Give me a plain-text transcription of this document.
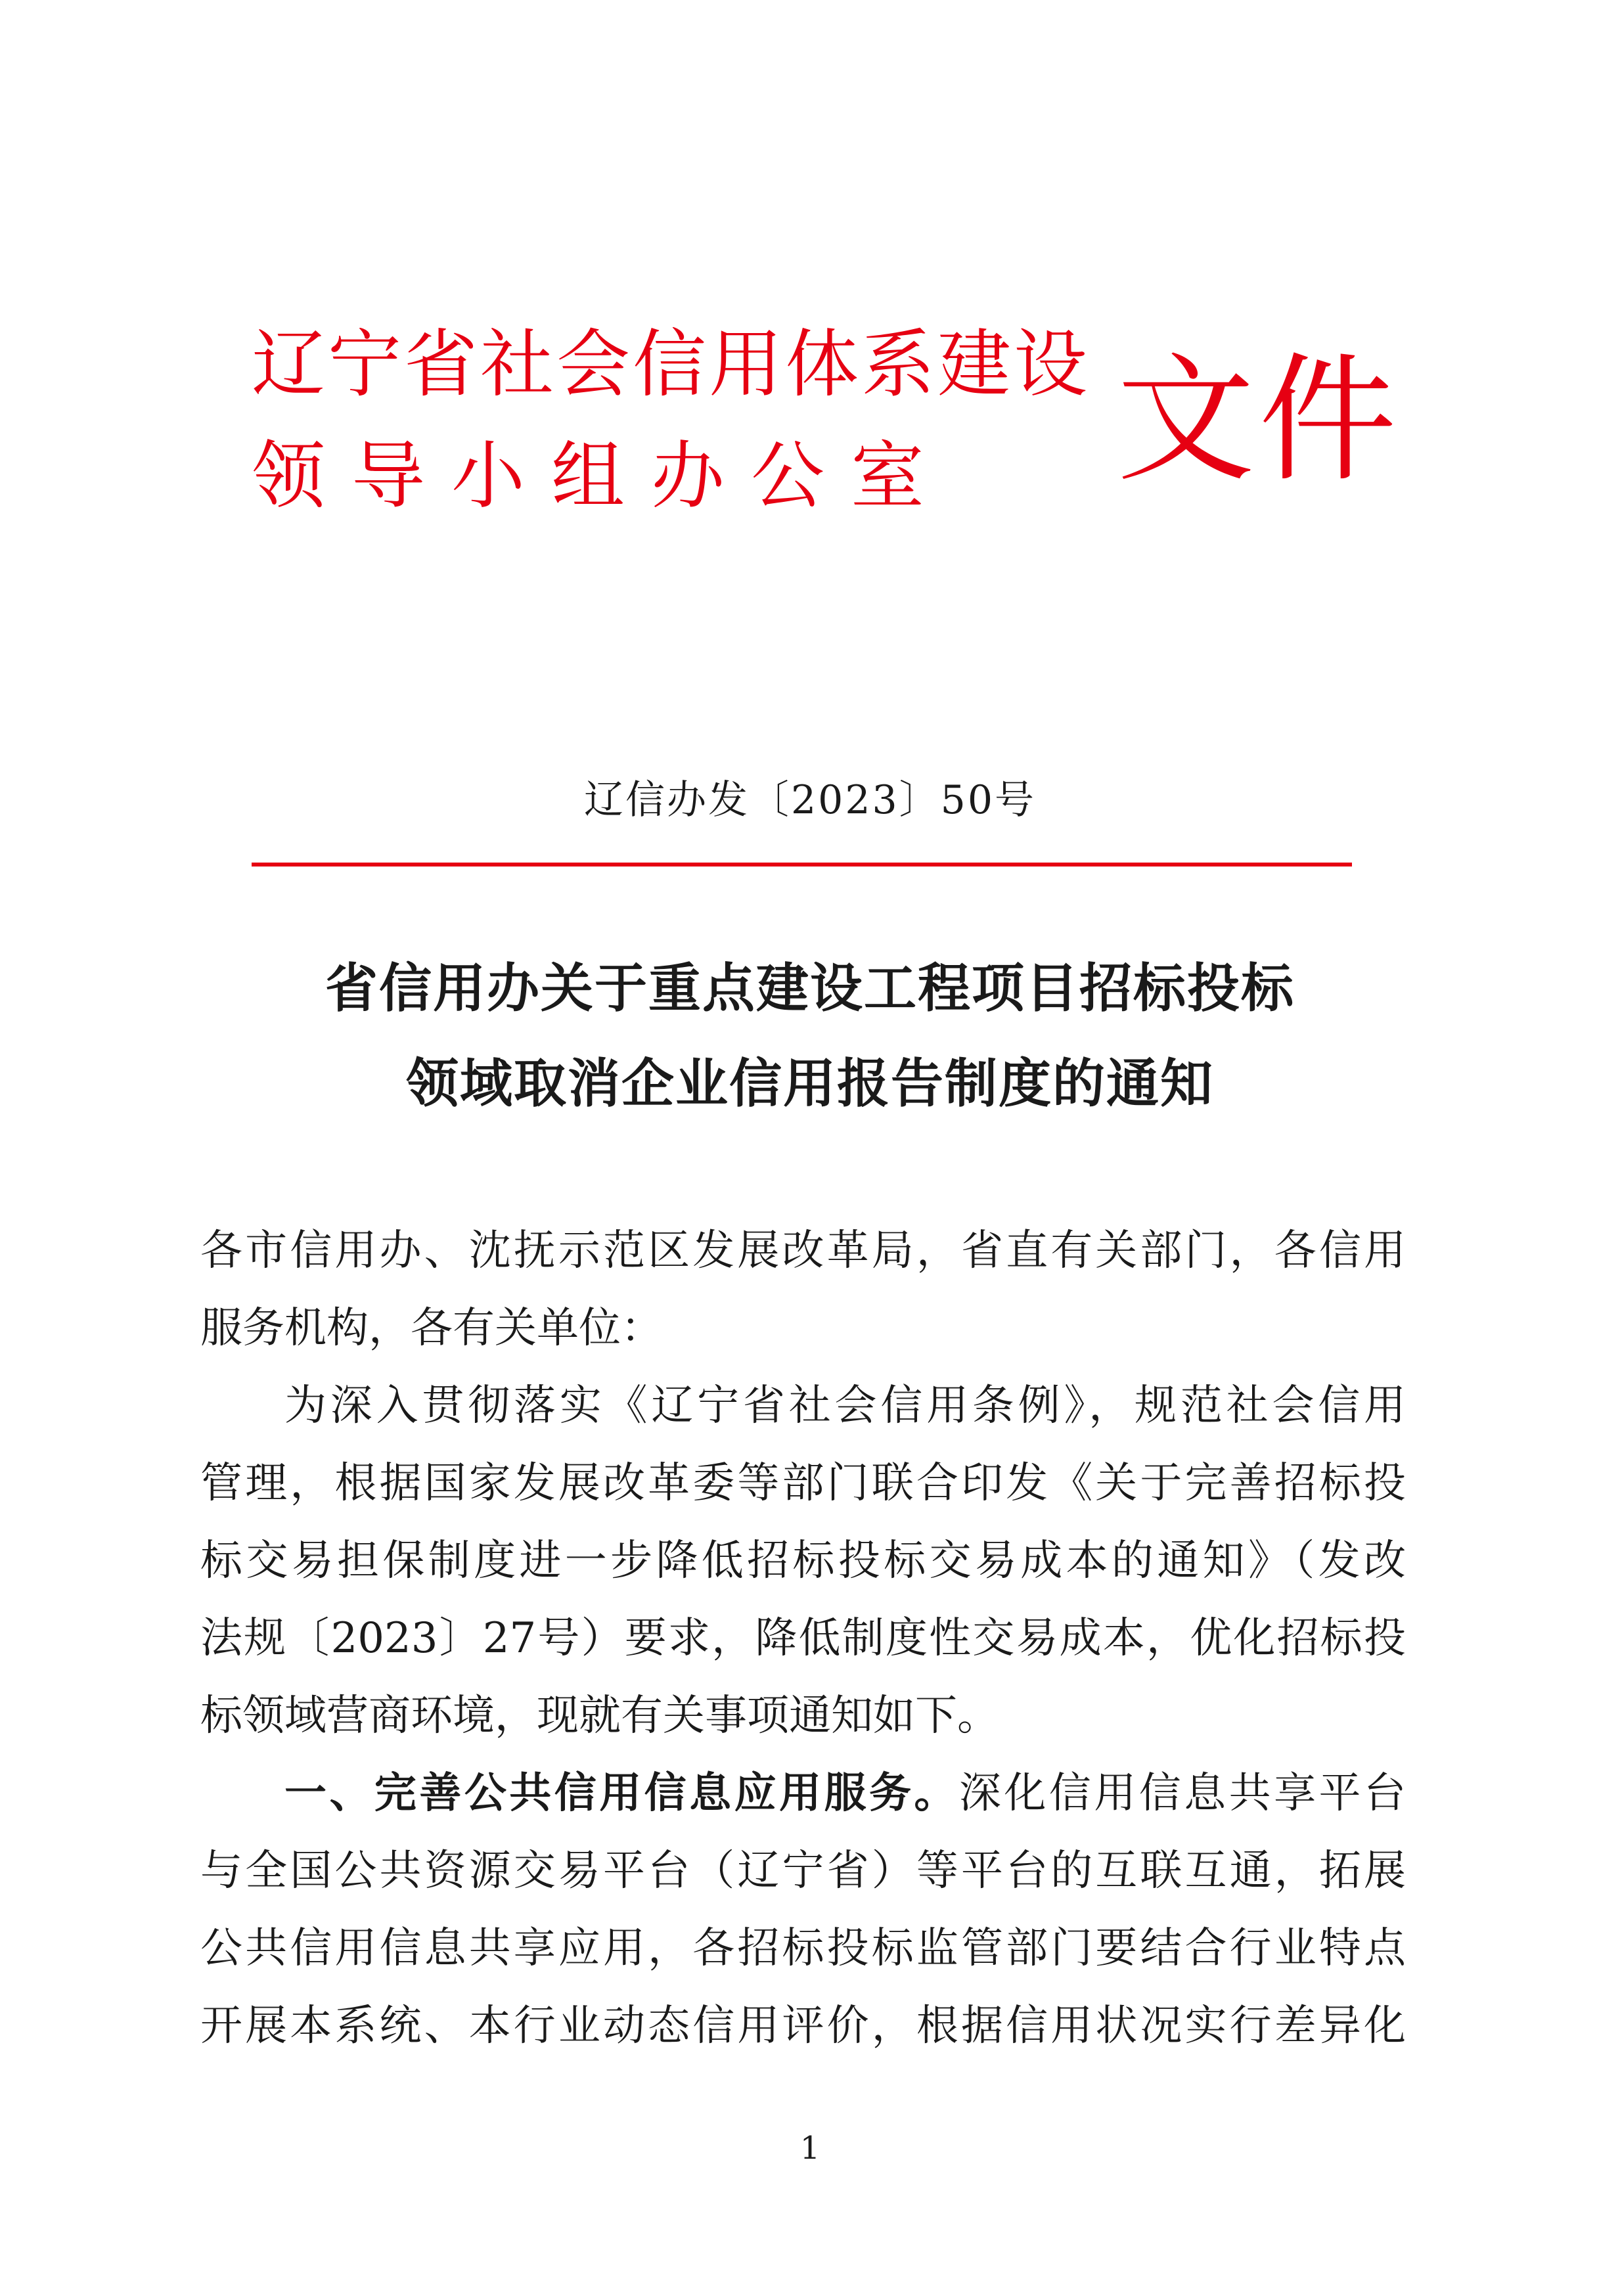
辽宁省社会信用体系建设
领导小组办公室 文件
辽信办发〔2023〕50号
省信用办关于重点建设工程项目招标投标
领域取消企业信用报告制度的通知
各市信用办、沈抚示范区发展改革局，省直有关部门，各信用
服务机构，各有关单位：
为深入贯彻落实《辽宁省社会信用条例》，规范社会信用
管理，根据国家发展改革委等部门联合印发《关于完善招标投
标交易担保制度进一步降低招标投标交易成本的通知》（发改
法规〔2023〕27号）要求，降低制度性交易成本，优化招标投
标领域营商环境，现就有关事项通知如下。
一、完善公共信用信息应用服务。深化信用信息共享平台
与全国公共资源交易平台（辽宁省）等平台的互联互通，拓展
公共信用信息共享应用，各招标投标监管部门要结合行业特点
开展本系统、本行业动态信用评价，根据信用状况实行差异化
1
